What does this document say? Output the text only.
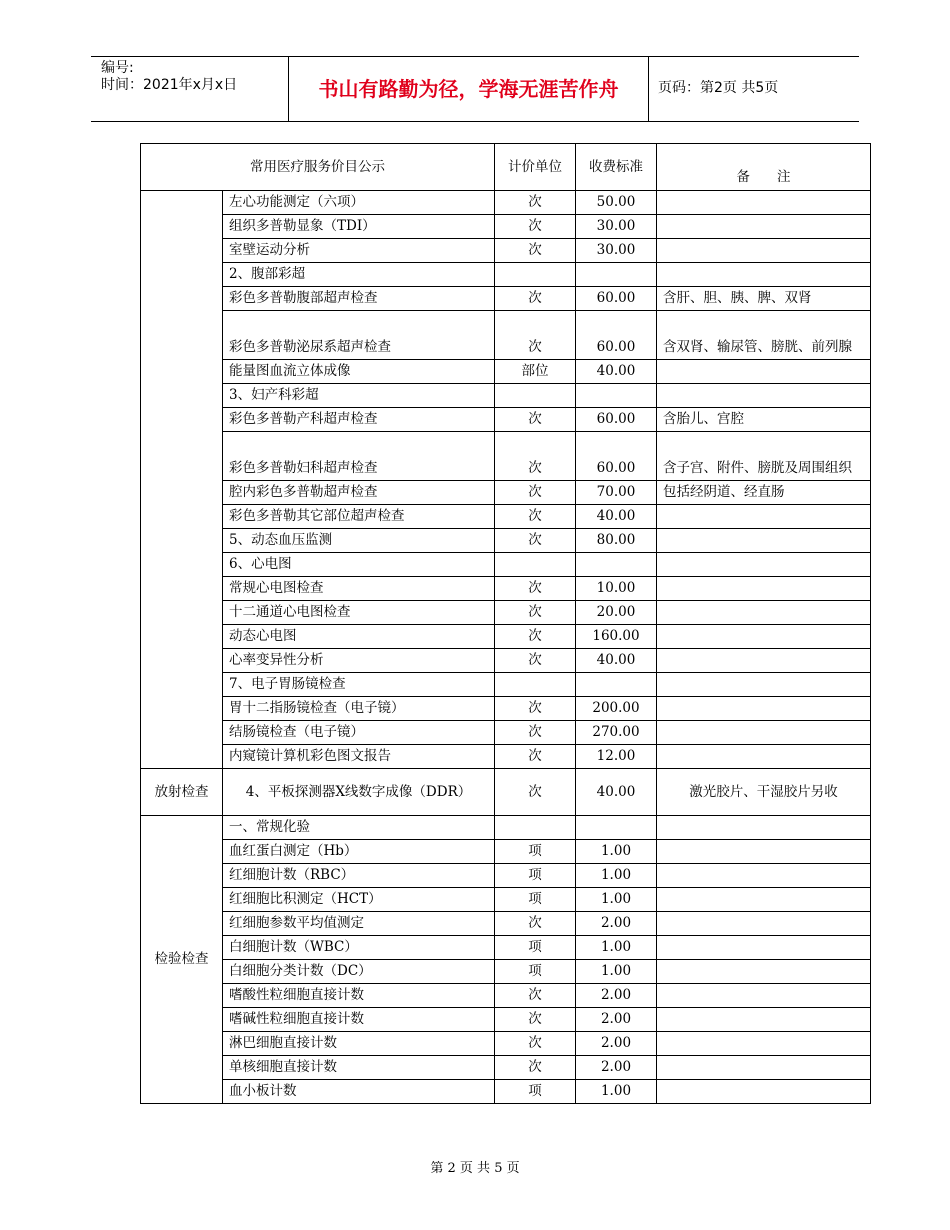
编号:
时间：2021年x月x日	书山有路勤为径，学海无涯苦作舟	页码：第2页 共5页
常用医疗服务价目公示		计价单位	收费标准	备　　注
	左心功能测定（六项）	次	50.00	
	组织多普勒显象（TDI）	次	30.00	
	室壁运动分析	次	30.00	
	2、腹部彩超			
	彩色多普勒腹部超声检查	次	60.00	含肝、胆、胰、脾、双肾
	彩色多普勒泌尿系超声检查	次	60.00	含双肾、输尿管、膀胱、前列腺
	能量图血流立体成像	部位	40.00	
	3、妇产科彩超			
	彩色多普勒产科超声检查	次	60.00	含胎儿、宫腔
	彩色多普勒妇科超声检查	次	60.00	含子宫、附件、膀胱及周围组织
	腔内彩色多普勒超声检查	次	70.00	包括经阴道、经直肠
	彩色多普勒其它部位超声检查	次	40.00	
	5、动态血压监测	次	80.00	
	6、心电图			
	常规心电图检查	次	10.00	
	十二通道心电图检查	次	20.00	
	动态心电图	次	160.00	
	心率变异性分析	次	40.00	
	7、电子胃肠镜检查			
	胃十二指肠镜检查（电子镜）	次	200.00	
	结肠镜检查（电子镜）	次	270.00	
	内窥镜计算机彩色图文报告	次	12.00	
放射检查	4、平板探测器X线数字成像（DDR）	次	40.00	激光胶片、干湿胶片另收
检验检查	一、常规化验			
	血红蛋白测定（Hb）	项	1.00	
	红细胞计数（RBC）	项	1.00	
	红细胞比积测定（HCT）	项	1.00	
	红细胞参数平均值测定	次	2.00	
	白细胞计数（WBC）	项	1.00	
	白细胞分类计数（DC）	项	1.00	
	嗜酸性粒细胞直接计数	次	2.00	
	嗜碱性粒细胞直接计数	次	2.00	
	淋巴细胞直接计数	次	2.00	
	单核细胞直接计数	次	2.00	
	血小板计数	项	1.00	
第 2 页 共 5 页
